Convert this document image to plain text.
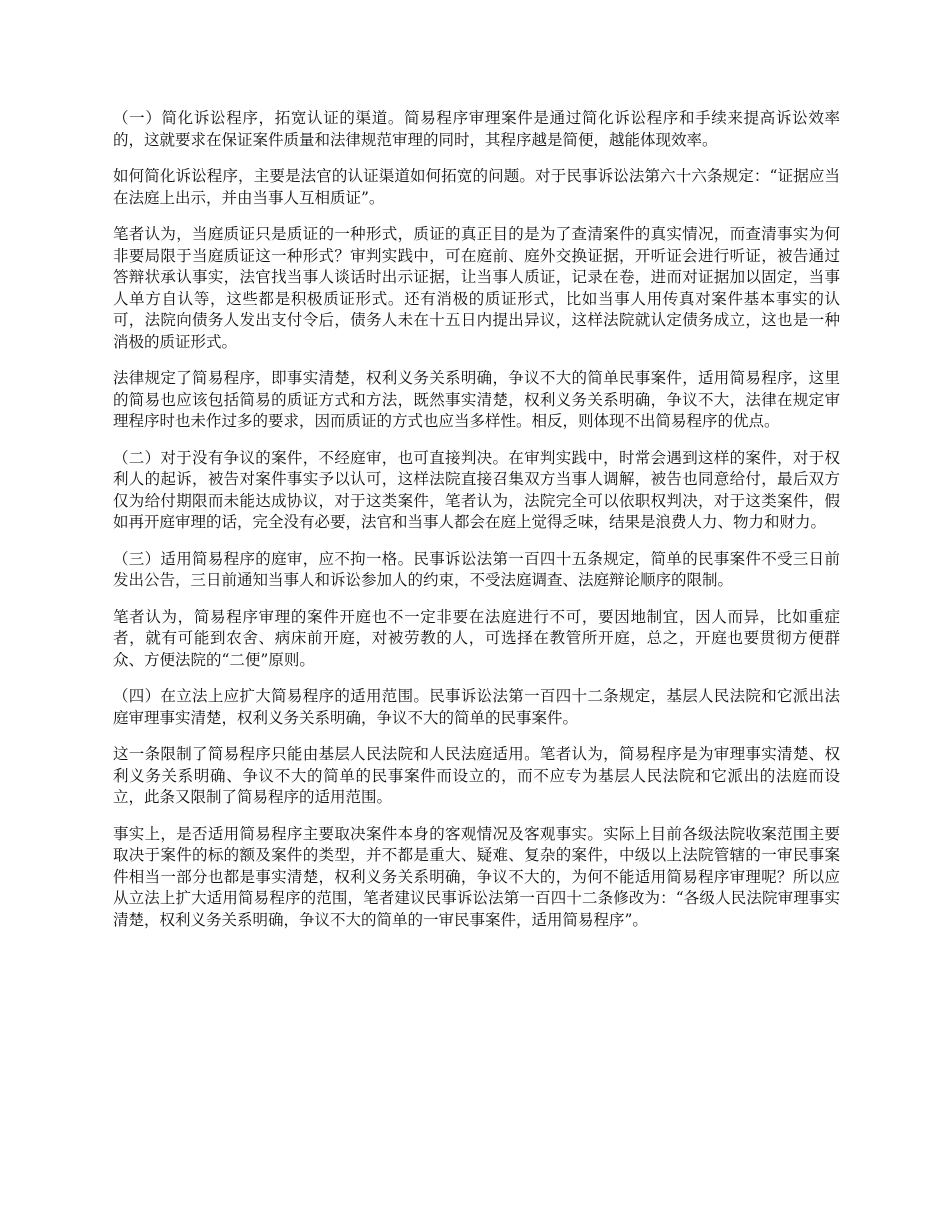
（一）简化诉讼程序，拓宽认证的渠道。简易程序审理案件是通过简化诉讼程序和手续来提高诉讼效率的，这就要求在保证案件质量和法律规范审理的同时，其程序越是简便，越能体现效率。

如何简化诉讼程序，主要是法官的认证渠道如何拓宽的问题。对于民事诉讼法第六十六条规定：“证据应当在法庭上出示，并由当事人互相质证”。

笔者认为，当庭质证只是质证的一种形式，质证的真正目的是为了查清案件的真实情况，而查清事实为何非要局限于当庭质证这一种形式？审判实践中，可在庭前、庭外交换证据，开听证会进行听证，被告通过答辩状承认事实，法官找当事人谈话时出示证据，让当事人质证，记录在卷，进而对证据加以固定，当事人单方自认等，这些都是积极质证形式。还有消极的质证形式，比如当事人用传真对案件基本事实的认可，法院向债务人发出支付令后，债务人未在十五日内提出异议，这样法院就认定债务成立，这也是一种消极的质证形式。

法律规定了简易程序，即事实清楚，权利义务关系明确，争议不大的简单民事案件，适用简易程序，这里的简易也应该包括简易的质证方式和方法，既然事实清楚，权利义务关系明确，争议不大，法律在规定审理程序时也未作过多的要求，因而质证的方式也应当多样性。相反，则体现不出简易程序的优点。

（二）对于没有争议的案件，不经庭审，也可直接判决。在审判实践中，时常会遇到这样的案件，对于权利人的起诉，被告对案件事实予以认可，这样法院直接召集双方当事人调解，被告也同意给付，最后双方仅为给付期限而未能达成协议，对于这类案件，笔者认为，法院完全可以依职权判决，对于这类案件，假如再开庭审理的话，完全没有必要，法官和当事人都会在庭上觉得乏味，结果是浪费人力、物力和财力。

（三）适用简易程序的庭审，应不拘一格。民事诉讼法第一百四十五条规定，简单的民事案件不受三日前发出公告，三日前通知当事人和诉讼参加人的约束，不受法庭调查、法庭辩论顺序的限制。

笔者认为，简易程序审理的案件开庭也不一定非要在法庭进行不可，要因地制宜，因人而异，比如重症者，就有可能到农舍、病床前开庭，对被劳教的人，可选择在教管所开庭，总之，开庭也要贯彻方便群众、方便法院的“二便”原则。

（四）在立法上应扩大简易程序的适用范围。民事诉讼法第一百四十二条规定，基层人民法院和它派出法庭审理事实清楚，权利义务关系明确，争议不大的简单的民事案件。

这一条限制了简易程序只能由基层人民法院和人民法庭适用。笔者认为，简易程序是为审理事实清楚、权利义务关系明确、争议不大的简单的民事案件而设立的，而不应专为基层人民法院和它派出的法庭而设立，此条又限制了简易程序的适用范围。

事实上，是否适用简易程序主要取决案件本身的客观情况及客观事实。实际上目前各级法院收案范围主要取决于案件的标的额及案件的类型，并不都是重大、疑难、复杂的案件，中级以上法院管辖的一审民事案件相当一部分也都是事实清楚，权利义务关系明确，争议不大的，为何不能适用简易程序审理呢？所以应从立法上扩大适用简易程序的范围，笔者建议民事诉讼法第一百四十二条修改为：“各级人民法院审理事实清楚，权利义务关系明确，争议不大的简单的一审民事案件，适用简易程序”。
